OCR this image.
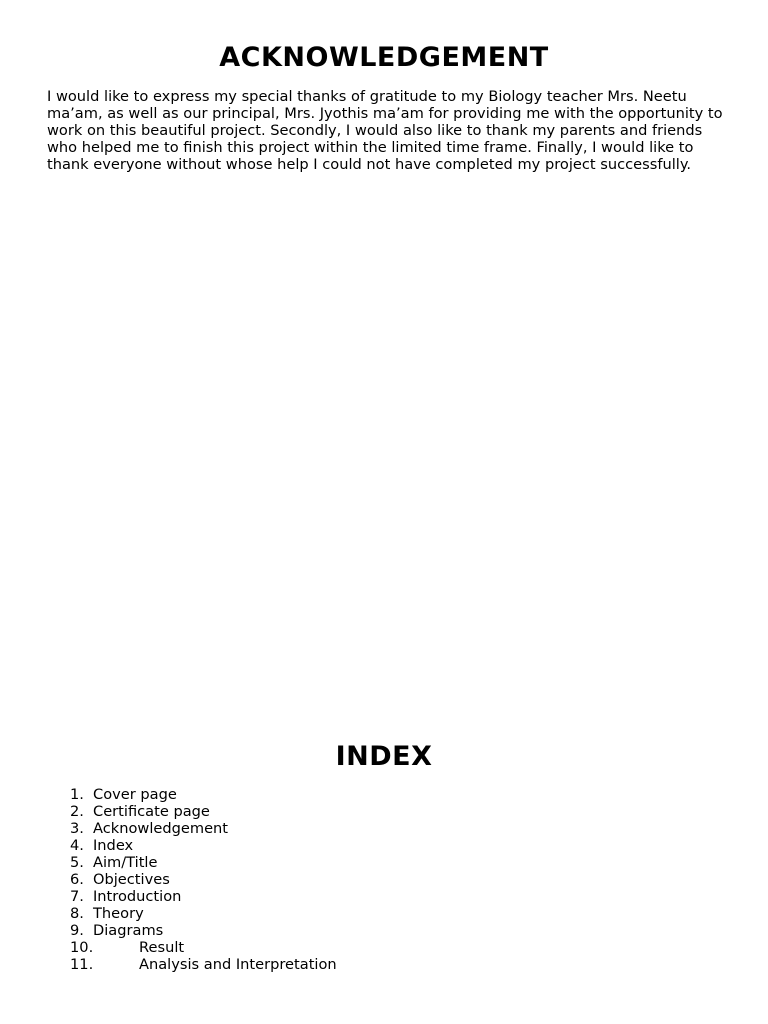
ACKNOWLEDGEMENT

I would like to express my special thanks of gratitude to my Biology teacher Mrs. Neetu ma’am, as well as our principal, Mrs. Jyothis ma’am for providing me with the opportunity to work on this beautiful project. Secondly, I would also like to thank my parents and friends who helped me to finish this project within the limited time frame. Finally, I would like to thank everyone without whose help I could not have completed my project successfully.

INDEX
1. Cover page
2. Certificate page
3. Acknowledgement
4. Index
5. Aim/Title
6. Objectives
7. Introduction
8. Theory
9. Diagrams
10.	Result
11.	Analysis and Interpretation
